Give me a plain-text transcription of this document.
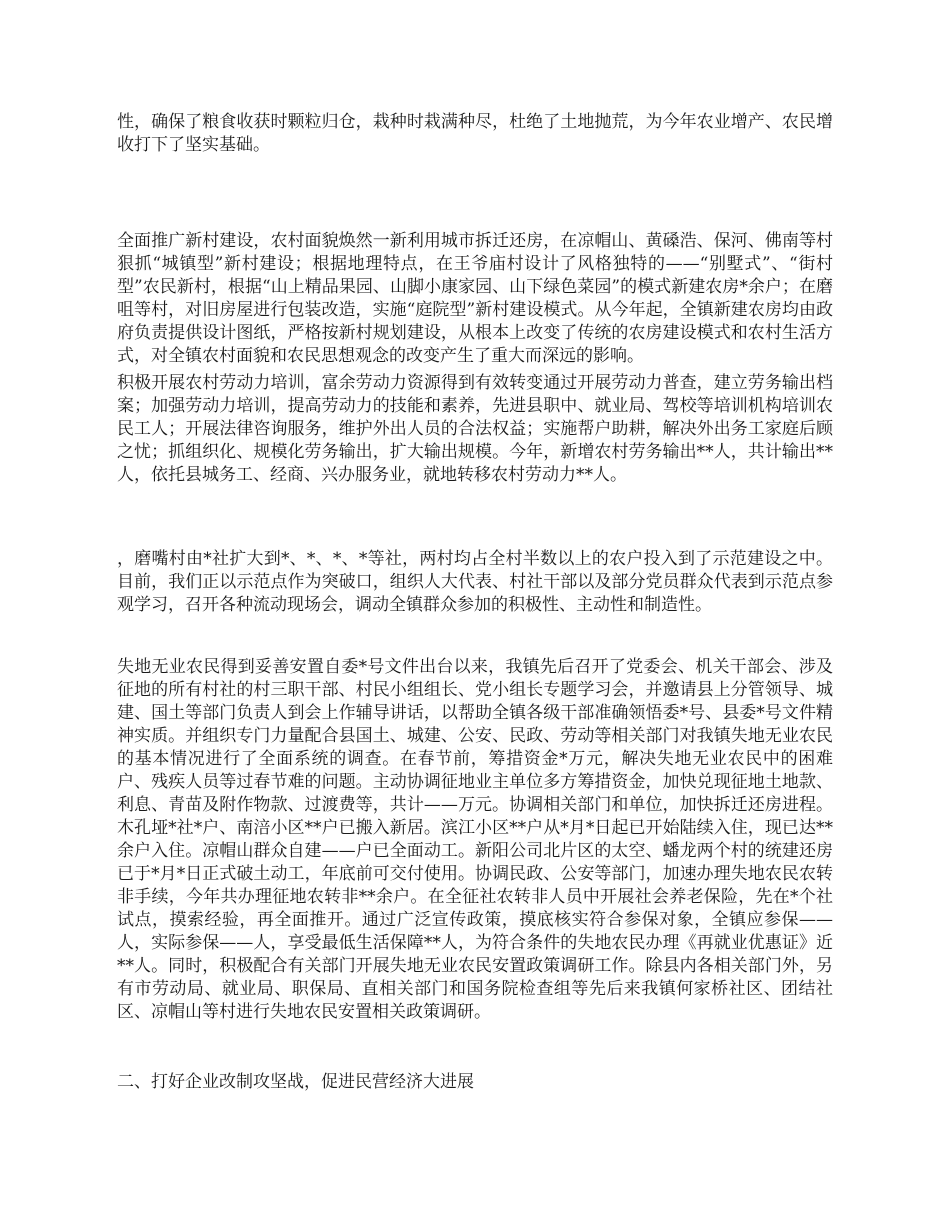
性，确保了粮食收获时颗粒归仓，栽种时栽满种尽，杜绝了土地抛荒，为今年农业增产、农民增收打下了坚实基础。

全面推广新村建设，农村面貌焕然一新利用城市拆迁还房，在凉帽山、黄磉浩、保河、佛南等村狠抓“城镇型”新村建设；根据地理特点，在王爷庙村设计了风格独特的——“别墅式”、“街村型”农民新村，根据“山上精品果园、山脚小康家园、山下绿色菜园”的模式新建农房*余户；在磨咀等村，对旧房屋进行包装改造，实施“庭院型”新村建设模式。从今年起，全镇新建农房均由政府负责提供设计图纸，严格按新村规划建设，从根本上改变了传统的农房建设模式和农村生活方式，对全镇农村面貌和农民思想观念的改变产生了重大而深远的影响。

积极开展农村劳动力培训，富余劳动力资源得到有效转变通过开展劳动力普查，建立劳务输出档案；加强劳动力培训，提高劳动力的技能和素养，先进县职中、就业局、驾校等培训机构培训农民工人；开展法律咨询服务，维护外出人员的合法权益；实施帮户助耕，解决外出务工家庭后顾之忧；抓组织化、规模化劳务输出，扩大输出规模。今年，新增农村劳务输出**人，共计输出**人，依托县城务工、经商、兴办服务业，就地转移农村劳动力**人。

，磨嘴村由*社扩大到*、*、*、*等社，两村均占全村半数以上的农户投入到了示范建设之中。目前，我们正以示范点作为突破口，组织人大代表、村社干部以及部分党员群众代表到示范点参观学习，召开各种流动现场会，调动全镇群众参加的积极性、主动性和制造性。

失地无业农民得到妥善安置自委*号文件出台以来，我镇先后召开了党委会、机关干部会、涉及征地的所有村社的村三职干部、村民小组组长、党小组长专题学习会，并邀请县上分管领导、城建、国土等部门负责人到会上作辅导讲话，以帮助全镇各级干部准确领悟委*号、县委*号文件精神实质。并组织专门力量配合县国土、城建、公安、民政、劳动等相关部门对我镇失地无业农民的基本情况进行了全面系统的调查。在春节前，筹措资金*万元，解决失地无业农民中的困难户、残疾人员等过春节难的问题。主动协调征地业主单位多方筹措资金，加快兑现征地土地款、利息、青苗及附作物款、过渡费等，共计——万元。协调相关部门和单位，加快拆迁还房进程。木孔垭*社*户、南涪小区**户已搬入新居。滨江小区**户从*月*日起已开始陆续入住，现已达**余户入住。凉帽山群众自建——户已全面动工。新阳公司北片区的太空、蟠龙两个村的统建还房已于*月*日正式破土动工，年底前可交付使用。协调民政、公安等部门，加速办理失地农民农转非手续，今年共办理征地农转非**余户。在全征社农转非人员中开展社会养老保险，先在*个社试点，摸索经验，再全面推开。通过广泛宣传政策，摸底核实符合参保对象，全镇应参保——人，实际参保——人，享受最低生活保障**人，为符合条件的失地农民办理《再就业优惠证》近**人。同时，积极配合有关部门开展失地无业农民安置政策调研工作。除县内各相关部门外，另有市劳动局、就业局、职保局、直相关部门和国务院检查组等先后来我镇何家桥社区、团结社区、凉帽山等村进行失地农民安置相关政策调研。

二、打好企业改制攻坚战，促进民营经济大进展
